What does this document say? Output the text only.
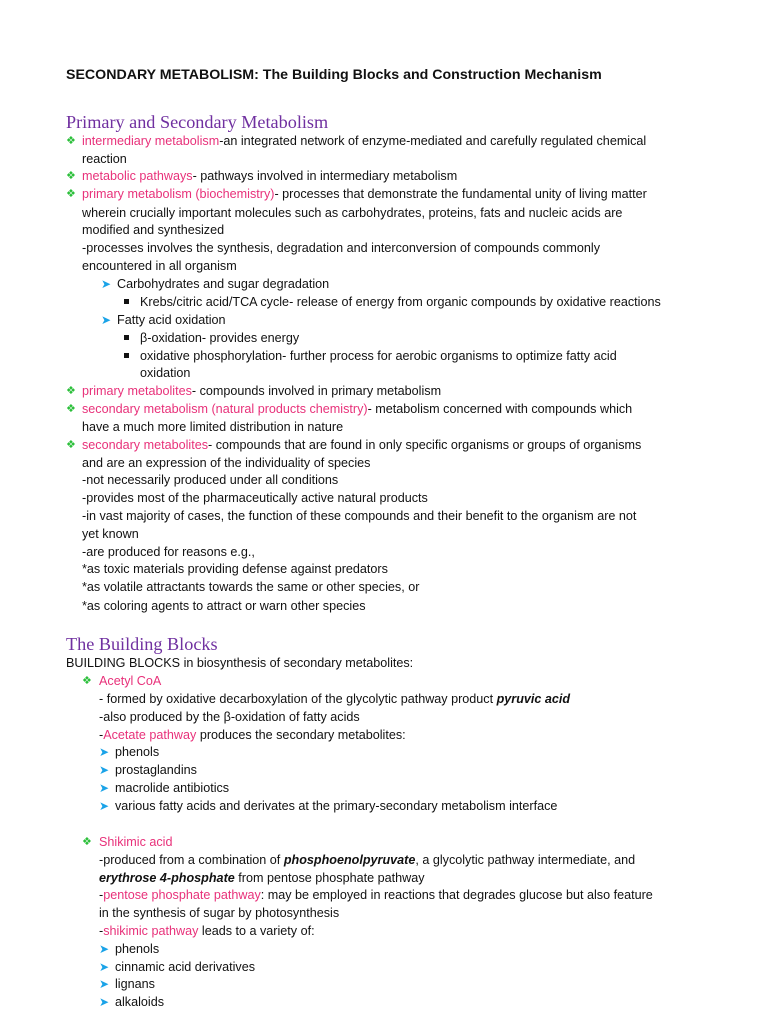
SECONDARY METABOLISM: The Building Blocks and Construction Mechanism
Primary and Secondary Metabolism
❖ intermediary metabolism-an integrated network of enzyme-mediated and carefully regulated chemical
reaction
❖ metabolic pathways- pathways involved in intermediary metabolism
❖ primary metabolism (biochemistry)- processes that demonstrate the fundamental unity of living matter
wherein crucially important molecules such as carbohydrates, proteins, fats and nucleic acids are
modified and synthesized
-processes involves the synthesis, degradation and interconversion of compounds commonly
encountered in all organism
➤ Carbohydrates and sugar degradation
Krebs/citric acid/TCA cycle- release of energy from organic compounds by oxidative reactions
➤ Fatty acid oxidation
β-oxidation- provides energy
oxidative phosphorylation- further process for aerobic organisms to optimize fatty acid
oxidation
❖ primary metabolites- compounds involved in primary metabolism
❖ secondary metabolism (natural products chemistry)- metabolism concerned with compounds which
have a much more limited distribution in nature
❖ secondary metabolites- compounds that are found in only specific organisms or groups of organisms
and are an expression of the individuality of species
-not necessarily produced under all conditions
-provides most of the pharmaceutically active natural products
-in vast majority of cases, the function of these compounds and their benefit to the organism are not
yet known
-are produced for reasons e.g.,
*as toxic materials providing defense against predators
*as volatile attractants towards the same or other species, or
*as coloring agents to attract or warn other species
The Building Blocks
BUILDING BLOCKS in biosynthesis of secondary metabolites:
❖ Acetyl CoA
- formed by oxidative decarboxylation of the glycolytic pathway product pyruvic acid
-also produced by the β-oxidation of fatty acids
-Acetate pathway produces the secondary metabolites:
➤ phenols
➤ prostaglandins
➤ macrolide antibiotics
➤ various fatty acids and derivates at the primary-secondary metabolism interface
❖ Shikimic acid
-produced from a combination of phosphoenolpyruvate, a glycolytic pathway intermediate, and
erythrose 4-phosphate from pentose phosphate pathway
-pentose phosphate pathway: may be employed in reactions that degrades glucose but also feature
in the synthesis of sugar by photosynthesis
-shikimic pathway leads to a variety of:
➤ phenols
➤ cinnamic acid derivatives
➤ lignans
➤ alkaloids
